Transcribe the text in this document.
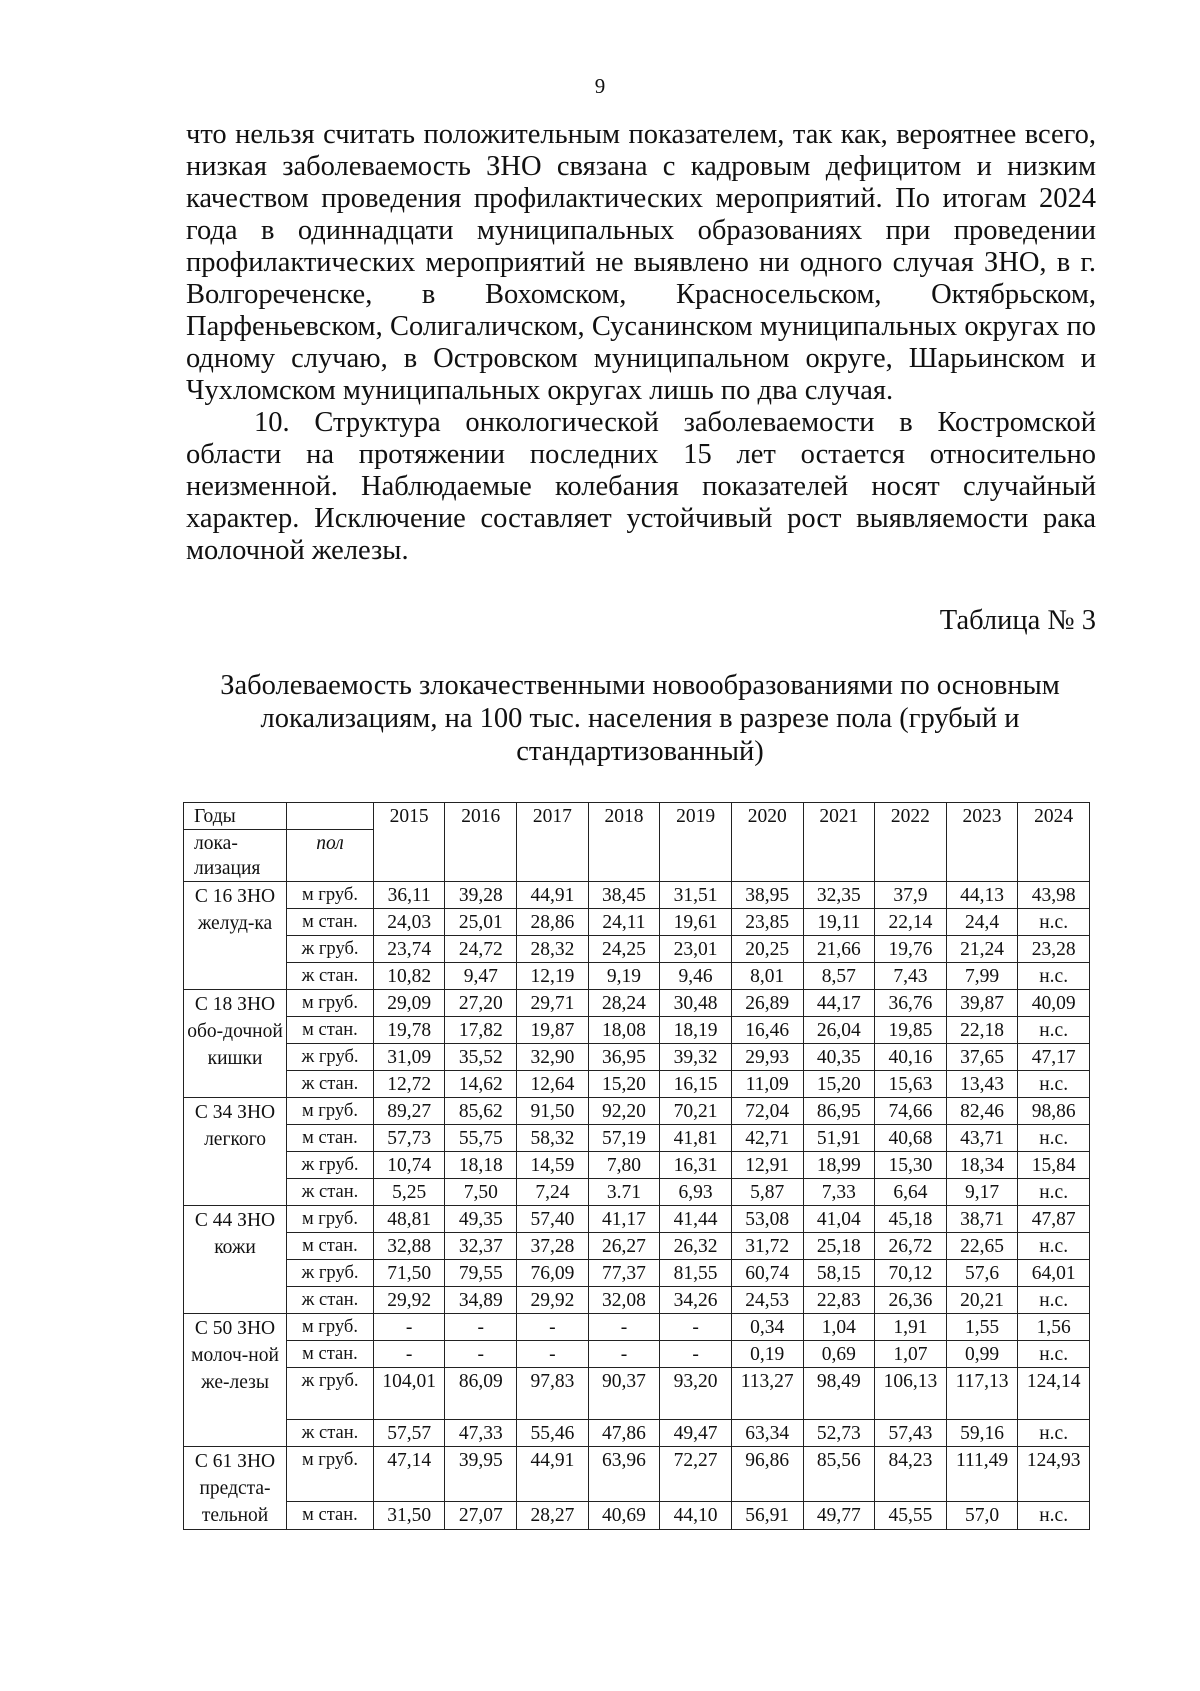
9

что нельзя считать положительным показателем, так как, вероятнее всего, низкая заболеваемость ЗНО связана с кадровым дефицитом и низким качеством проведения профилактических мероприятий. По итогам 2024 года в одиннадцати муниципальных образованиях при проведении профилактических мероприятий не выявлено ни одного случая ЗНО, в г. Волгореченске, в Вохомском, Красносельском, Октябрьском, Парфеньевском, Солигаличском, Сусанинском муниципальных округах по одному случаю, в Островском муниципальном округе, Шарьинском и Чухломском муниципальных округах лишь по два случая.

10. Структура онкологической заболеваемости в Костромской области на протяжении последних 15 лет остается относительно неизменной. Наблюдаемые колебания показателей носят случайный характер. Исключение составляет устойчивый рост выявляемости рака молочной железы.

Таблица № 3
Заболеваемость злокачественными новообразованиями по основным локализациям, на 100 тыс. населения в разрезе пола (грубый и стандартизованный)
Годы		2015	2016	2017	2018	2019	2020	2021	2022	2023	2024
лока-лизация	пол										
С 16 ЗНО желуд-ка	м груб.	36,11	39,28	44,91	38,45	31,51	38,95	32,35	37,9	44,13	43,98
	м стан.	24,03	25,01	28,86	24,11	19,61	23,85	19,11	22,14	24,4	н.с.
	ж груб.	23,74	24,72	28,32	24,25	23,01	20,25	21,66	19,76	21,24	23,28
	ж стан.	10,82	9,47	12,19	9,19	9,46	8,01	8,57	7,43	7,99	н.с.
С 18 ЗНО обо-дочной кишки	м груб.	29,09	27,20	29,71	28,24	30,48	26,89	44,17	36,76	39,87	40,09
	м стан.	19,78	17,82	19,87	18,08	18,19	16,46	26,04	19,85	22,18	н.с.
	ж груб.	31,09	35,52	32,90	36,95	39,32	29,93	40,35	40,16	37,65	47,17
	ж стан.	12,72	14,62	12,64	15,20	16,15	11,09	15,20	15,63	13,43	н.с.
С 34 ЗНО легкого	м груб.	89,27	85,62	91,50	92,20	70,21	72,04	86,95	74,66	82,46	98,86
	м стан.	57,73	55,75	58,32	57,19	41,81	42,71	51,91	40,68	43,71	н.с.
	ж груб.	10,74	18,18	14,59	7,80	16,31	12,91	18,99	15,30	18,34	15,84
	ж стан.	5,25	7,50	7,24	3.71	6,93	5,87	7,33	6,64	9,17	н.с.
С 44 ЗНО кожи	м груб.	48,81	49,35	57,40	41,17	41,44	53,08	41,04	45,18	38,71	47,87
	м стан.	32,88	32,37	37,28	26,27	26,32	31,72	25,18	26,72	22,65	н.с.
	ж груб.	71,50	79,55	76,09	77,37	81,55	60,74	58,15	70,12	57,6	64,01
	ж стан.	29,92	34,89	29,92	32,08	34,26	24,53	22,83	26,36	20,21	н.с.
С 50 ЗНО молоч-ной же-лезы	м груб.	-	-	-	-	-	0,34	1,04	1,91	1,55	1,56
	м стан.	-	-	-	-	-	0,19	0,69	1,07	0,99	н.с.
	ж груб.	104,01	86,09	97,83	90,37	93,20	113,27	98,49	106,13	117,13	124,14
	ж стан.	57,57	47,33	55,46	47,86	49,47	63,34	52,73	57,43	59,16	н.с.
С 61 ЗНО предста-тельной	м груб.	47,14	39,95	44,91	63,96	72,27	96,86	85,56	84,23	111,49	124,93
	м стан.	31,50	27,07	28,27	40,69	44,10	56,91	49,77	45,55	57,0	н.с.
